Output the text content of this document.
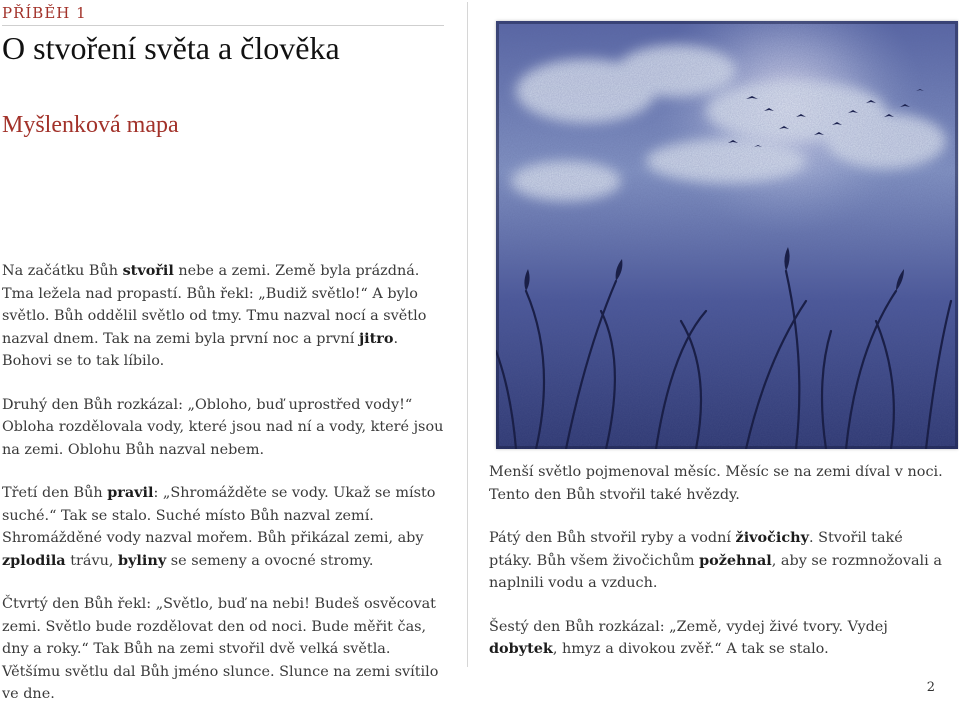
PŘÍBĚH 1
O stvoření světa a člověka
Myšlenková mapa

Na začátku Bůh stvořil nebe a zemi. Země byla prázdná. Tma ležela nad propastí. Bůh řekl: „Budiž světlo!“ A bylo světlo. Bůh oddělil světlo od tmy. Tmu nazval nocí a světlo nazval dnem. Tak na zemi byla první noc a první jitro. Bohovi se to tak líbilo.

Druhý den Bůh rozkázal: „Obloho, buď uprostřed vody!“ Obloha rozdělovala vody, které jsou nad ní a vody, které jsou na zemi. Oblohu Bůh nazval nebem.

Třetí den Bůh pravil: „Shromážděte se vody. Ukaž se místo suché.“ Tak se stalo. Suché místo Bůh nazval zemí. Shromážděné vody nazval mořem. Bůh přikázal zemi, aby zplodila trávu, byliny se semeny a ovocné stromy.

Čtvrtý den Bůh řekl: „Světlo, buď na nebi! Budeš osvěcovat zemi. Světlo bude rozdělovat den od noci. Bude měřit čas, dny a roky.“ Tak Bůh na zemi stvořil dvě velká světla. Většímu světlu dal Bůh jméno slunce. Slunce na zemi svítilo ve dne.

Menší světlo pojmenoval měsíc. Měsíc se na zemi díval v noci. Tento den Bůh stvořil také hvězdy.

Pátý den Bůh stvořil ryby a vodní živočichy. Stvořil také ptáky. Bůh všem živočichům požehnal, aby se rozmnožovali a naplnili vodu a vzduch.

Šestý den Bůh rozkázal: „Země, vydej živé tvory. Vydej dobytek, hmyz a divokou zvěř.“ A tak se stalo.

2
